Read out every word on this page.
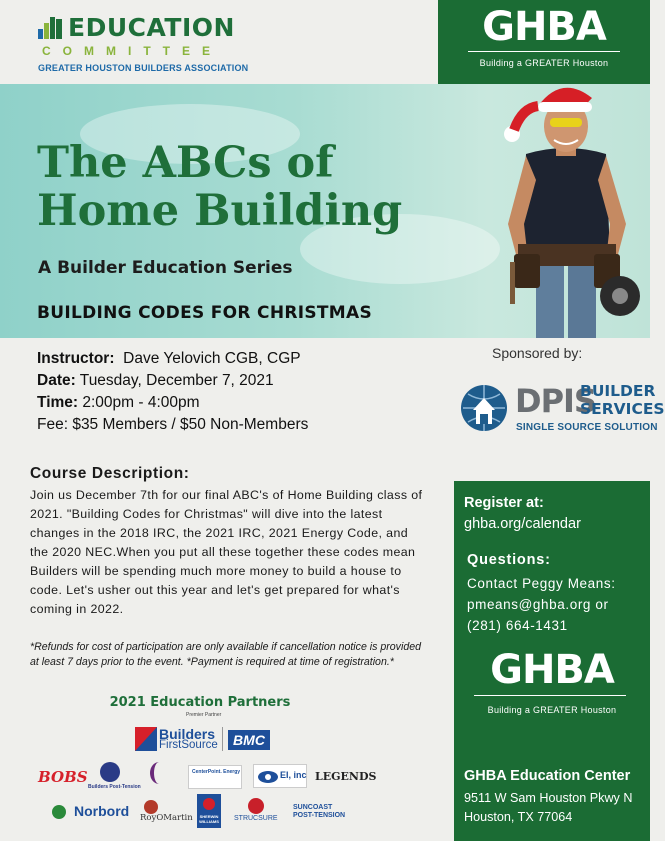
EDUCATION
COMMITTEE
GREATER HOUSTON BUILDERS ASSOCIATION
GHBA
Building a GREATER Houston
The ABCs of
Home Building
A Builder Education Series
BUILDING CODES FOR CHRISTMAS
Instructor: Dave Yelovich CGB, CGP
Date: Tuesday, December 7, 2021
Time: 2:00pm - 4:00pm
Fee: $35 Members / $50 Non-Members
Sponsored by:
DPIS
BUILDER
SERVICES
SINGLE SOURCE SOLUTION
Course Description:
Join us December 7th for our final ABC's of Home Building class of 2021. "Building Codes for Christmas" will dive into the latest changes in the 2018 IRC, the 2021 IRC, 2021 Energy Code, and the 2020 NEC.When you put all these together these codes mean Builders will be spending much more money to build a house to code. Let's usher out this year and let's get prepared for what's coming in 2022.
*Refunds for cost of participation are only available if cancellation notice is provided at least 7 days prior to the event. *Payment is required at time of registration.*
2021 Education Partners
Premier Partner
Builders
FirstSource	BMC
BOBS
Builders Post-Tension
CenterPoint. Energy	EI, inc LEGENDS
Norbord RoyOMartin	SHERWIN WILLIAMS STRUCSURE
SUNCOAST POST-TENSION
Register at:
ghba.org/calendar
Questions:
Contact Peggy Means:
pmeans@ghba.org or
(281) 664-1431
GHBA
Building a GREATER Houston
GHBA Education Center
9511 W Sam Houston Pkwy N
Houston, TX 77064
